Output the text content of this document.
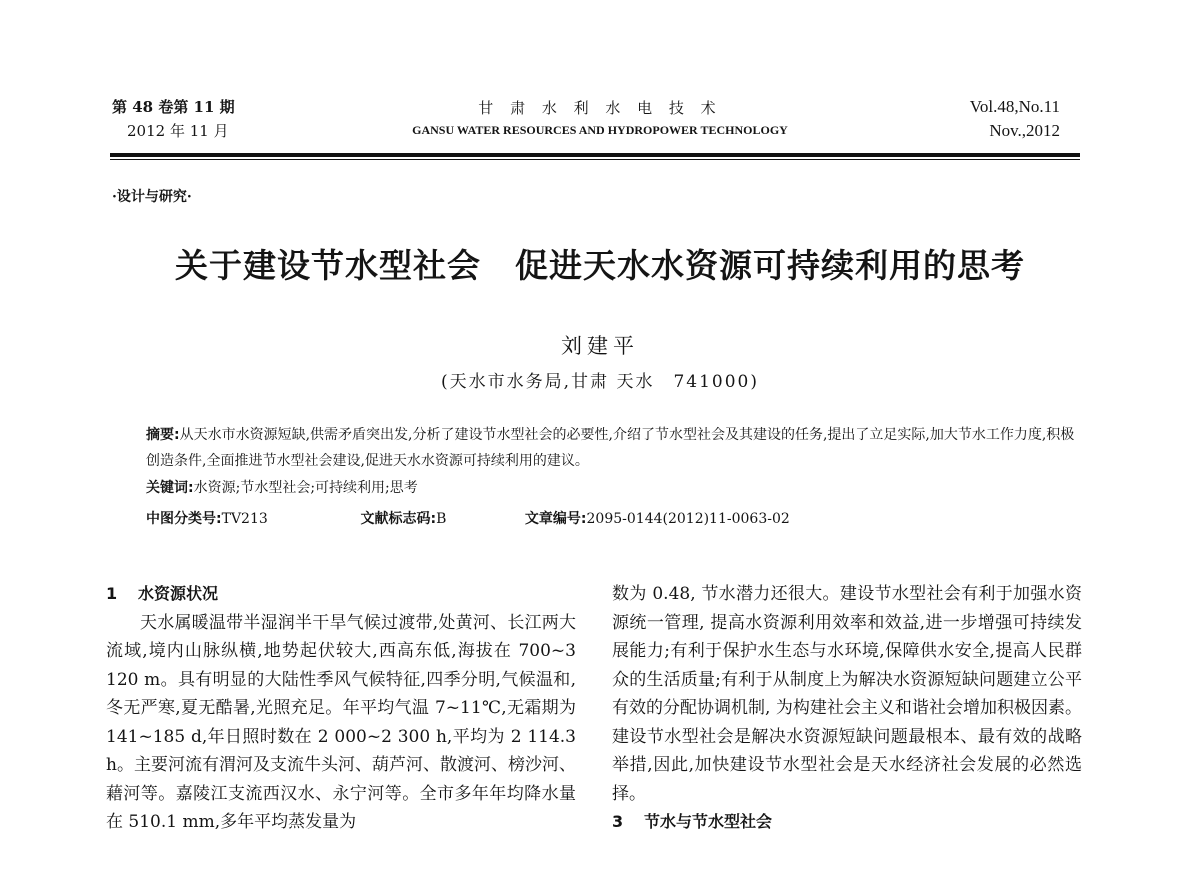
第 48 卷第 11 期
2012 年 11 月
甘 肃 水 利 水 电 技 术
GANSU WATER RESOURCES AND HYDROPOWER TECHNOLOGY
Vol.48,No.11
Nov.,2012
·设计与研究·
关于建设节水型社会　促进天水水资源可持续利用的思考
刘建平
(天水市水务局,甘肃 天水　741000)
摘要:从天水市水资源短缺,供需矛盾突出发,分析了建设节水型社会的必要性,介绍了节水型社会及其建设的任务,提出了立足实际,加大节水工作力度,积极创造条件,全面推进节水型社会建设,促进天水水资源可持续利用的建议。
关键词:水资源;节水型社会;可持续利用;思考
中图分类号:TV213	文献标志码:B	文章编号:2095-0144(2012)11-0063-02
1 水资源状况
天水属暖温带半湿润半干旱气候过渡带,处黄河、长江两大流域,境内山脉纵横,地势起伏较大,西高东低,海拔在 700~3 120 m。具有明显的大陆性季风气候特征,四季分明,气候温和,冬无严寒,夏无酷暑,光照充足。年平均气温 7~11℃,无霜期为 141~185 d,年日照时数在 2 000~2 300 h,平均为 2 114.3 h。主要河流有渭河及支流牛头河、葫芦河、散渡河、榜沙河、藉河等。嘉陵江支流西汉水、永宁河等。全市多年年均降水量在 510.1 mm,多年平均蒸发量为
数为 0.48, 节水潜力还很大。建设节水型社会有利于加强水资源统一管理, 提高水资源利用效率和效益,进一步增强可持续发展能力;有利于保护水生态与水环境,保障供水安全,提高人民群众的生活质量;有利于从制度上为解决水资源短缺问题建立公平有效的分配协调机制, 为构建社会主义和谐社会增加积极因素。建设节水型社会是解决水资源短缺问题最根本、最有效的战略举措,因此,加快建设节水型社会是天水经济社会发展的必然选择。
3 节水与节水型社会
